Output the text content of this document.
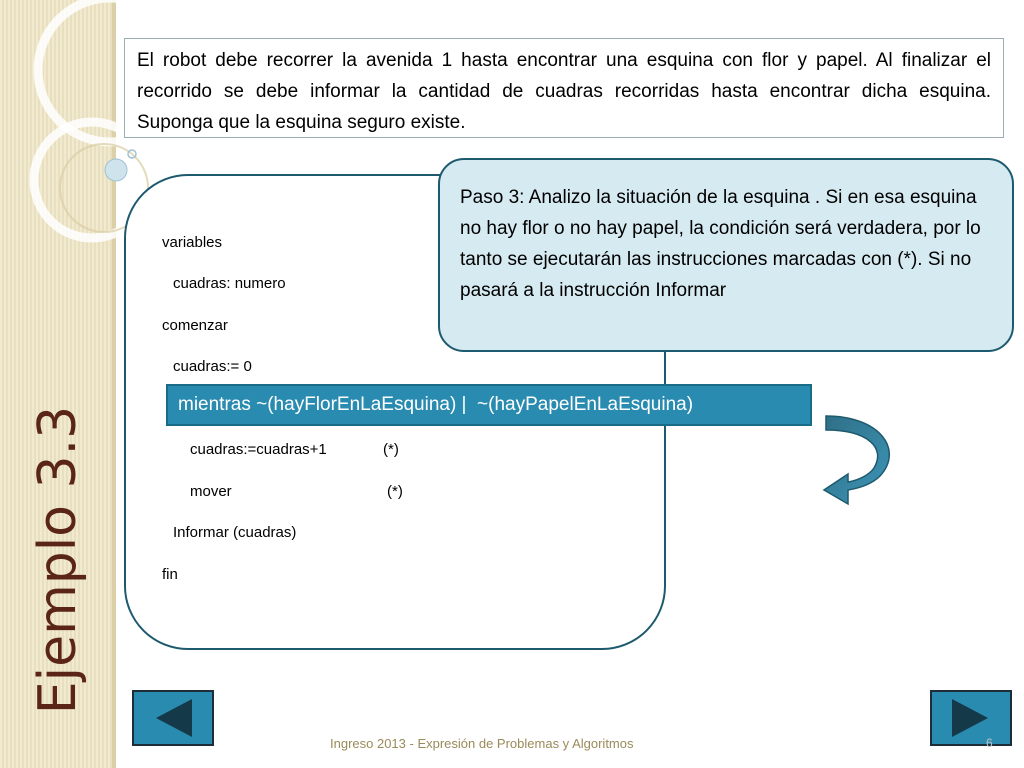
Ejemplo 3.3
El robot debe recorrer la avenida 1 hasta encontrar una esquina con flor y papel. Al finalizar el recorrido se debe informar la cantidad de cuadras recorridas hasta encontrar dicha esquina. Suponga que la esquina seguro existe.
variables
cuadras: numero
comenzar
cuadras:= 0
cuadras:=cuadras+1	(*)
mover	(*)
Informar (cuadras)
fin
Paso 3: Analizo la situación de la esquina . Si en esa esquina no hay flor o no hay papel, la condición será verdadera, por lo tanto se ejecutarán las instrucciones marcadas con (*). Si no pasará a la instrucción Informar
mientras ~(hayFlorEnLaEsquina) |  ~(hayPapelEnLaEsquina)
Ingreso 2013 - Expresión de Problemas y Algoritmos	6
